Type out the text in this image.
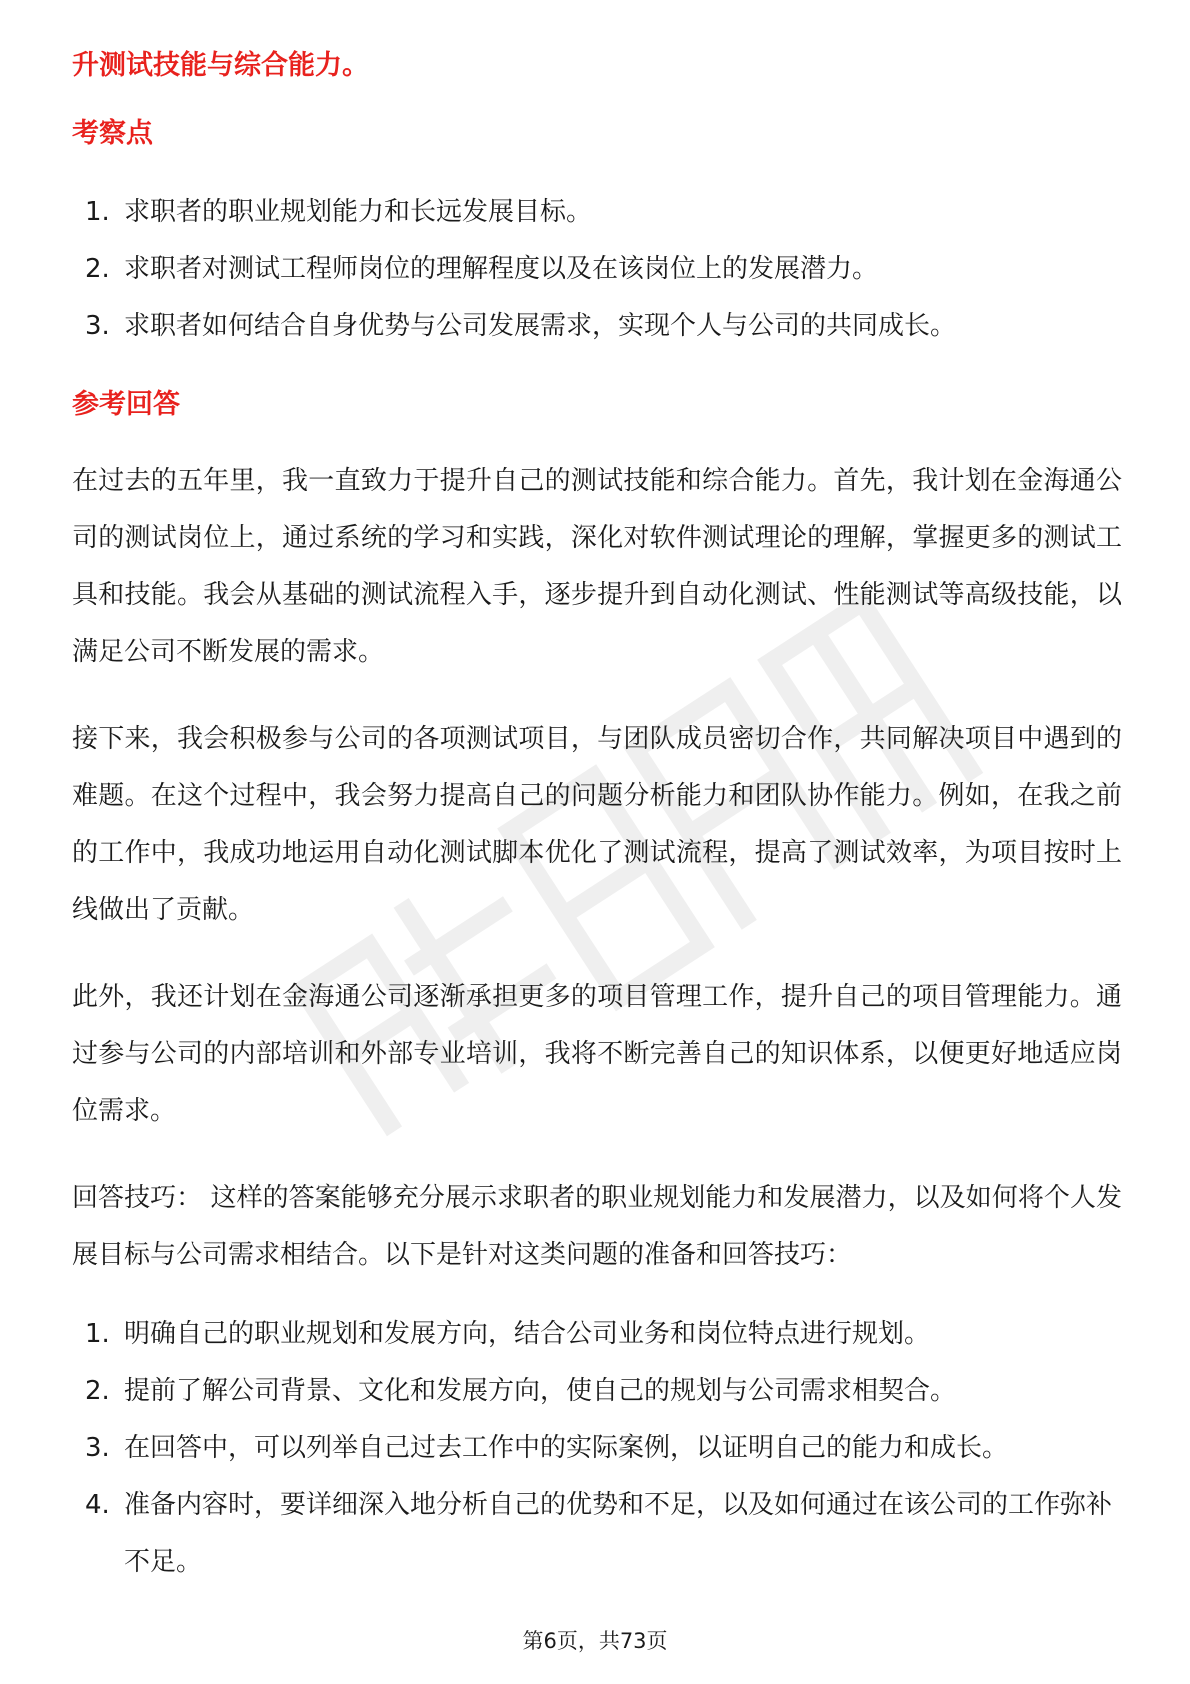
升测试技能与综合能力。

考察点

1. 求职者的职业规划能力和长远发展目标。
2. 求职者对测试工程师岗位的理解程度以及在该岗位上的发展潜力。
3. 求职者如何结合自身优势与公司发展需求，实现个人与公司的共同成长。

参考回答

在过去的五年里，我一直致力于提升自己的测试技能和综合能力。首先，我计划在金海通公司的测试岗位上，通过系统的学习和实践，深化对软件测试理论的理解，掌握更多的测试工具和技能。我会从基础的测试流程入手，逐步提升到自动化测试、性能测试等高级技能，以满足公司不断发展的需求。

接下来，我会积极参与公司的各项测试项目，与团队成员密切合作，共同解决项目中遇到的难题。在这个过程中，我会努力提高自己的问题分析能力和团队协作能力。例如，在我之前的工作中，我成功地运用自动化测试脚本优化了测试流程，提高了测试效率，为项目按时上线做出了贡献。

此外，我还计划在金海通公司逐渐承担更多的项目管理工作，提升自己的项目管理能力。通过参与公司的内部培训和外部专业培训，我将不断完善自己的知识体系，以便更好地适应岗位需求。

回答技巧： 这样的答案能够充分展示求职者的职业规划能力和发展潜力，以及如何将个人发展目标与公司需求相结合。以下是针对这类问题的准备和回答技巧：

1. 明确自己的职业规划和发展方向，结合公司业务和岗位特点进行规划。
2. 提前了解公司背景、文化和发展方向，使自己的规划与公司需求相契合。
3. 在回答中，可以列举自己过去工作中的实际案例，以证明自己的能力和成长。
4. 准备内容时，要详细深入地分析自己的优势和不足，以及如何通过在该公司的工作弥补不足。
第6页，共73页
